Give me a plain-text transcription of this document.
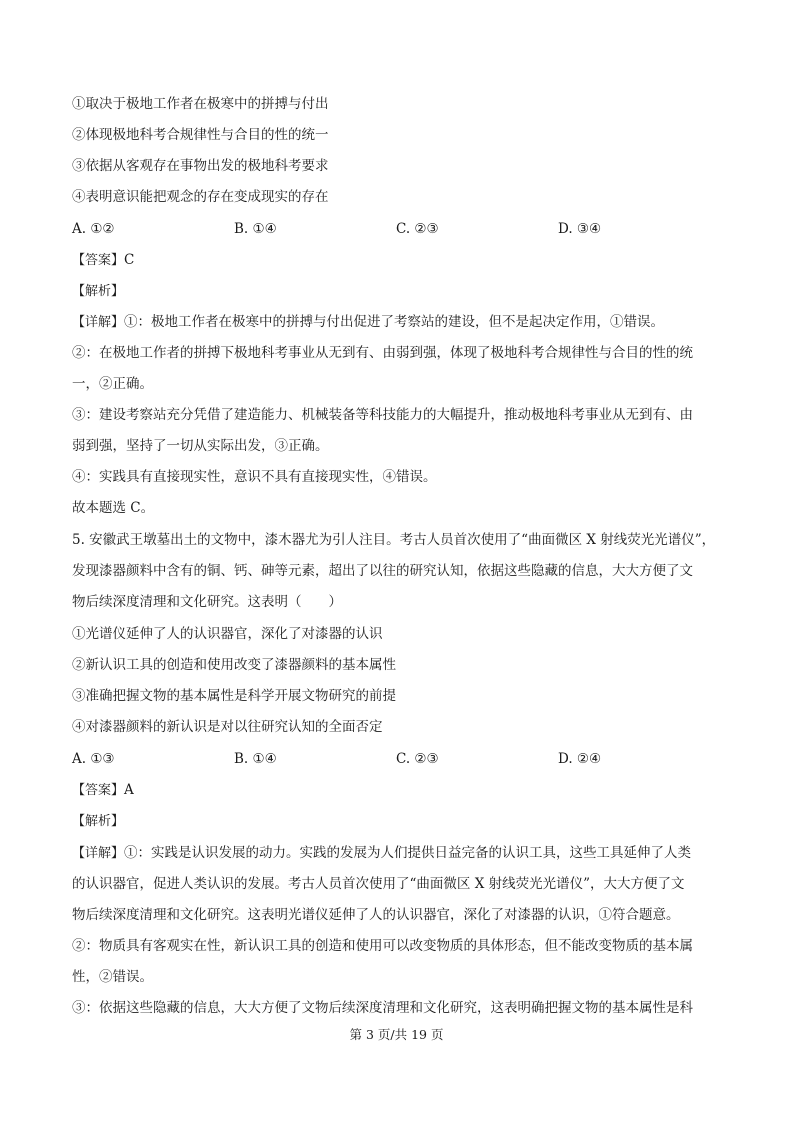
①取决于极地工作者在极寒中的拼搏与付出
②体现极地科考合规律性与合目的性的统一
③依据从客观存在事物出发的极地科考要求
④表明意识能把观念的存在变成现实的存在
A. ①②	B. ①④	C. ②③	D. ③④
【答案】C
【解析】
【详解】①：极地工作者在极寒中的拼搏与付出促进了考察站的建设，但不是起决定作用，①错误。
②：在极地工作者的拼搏下极地科考事业从无到有、由弱到强，体现了极地科考合规律性与合目的性的统
一，②正确。
③：建设考察站充分凭借了建造能力、机械装备等科技能力的大幅提升，推动极地科考事业从无到有、由
弱到强，坚持了一切从实际出发，③正确。
④：实践具有直接现实性，意识不具有直接现实性，④错误。
故本题选 C。
5. 安徽武王墩墓出土的文物中，漆木器尤为引人注目。考古人员首次使用了“曲面微区 X 射线荧光光谱仪”，
发现漆器颜料中含有的铜、钙、砷等元素，超出了以往的研究认知，依据这些隐藏的信息，大大方便了文
物后续深度清理和文化研究。这表明（　　）
①光谱仪延伸了人的认识器官，深化了对漆器的认识
②新认识工具的创造和使用改变了漆器颜料的基本属性
③准确把握文物的基本属性是科学开展文物研究的前提
④对漆器颜料的新认识是对以往研究认知的全面否定
A. ①③	B. ①④	C. ②③	D. ②④
【答案】A
【解析】
【详解】①：实践是认识发展的动力。实践的发展为人们提供日益完备的认识工具，这些工具延伸了人类
的认识器官，促进人类认识的发展。考古人员首次使用了“曲面微区 X 射线荧光光谱仪”，大大方便了文
物后续深度清理和文化研究。这表明光谱仪延伸了人的认识器官，深化了对漆器的认识，①符合题意。
②：物质具有客观实在性，新认识工具的创造和使用可以改变物质的具体形态，但不能改变物质的基本属
性，②错误。
③：依据这些隐藏的信息，大大方便了文物后续深度清理和文化研究，这表明确把握文物的基本属性是科
第 3 页/共 19 页
